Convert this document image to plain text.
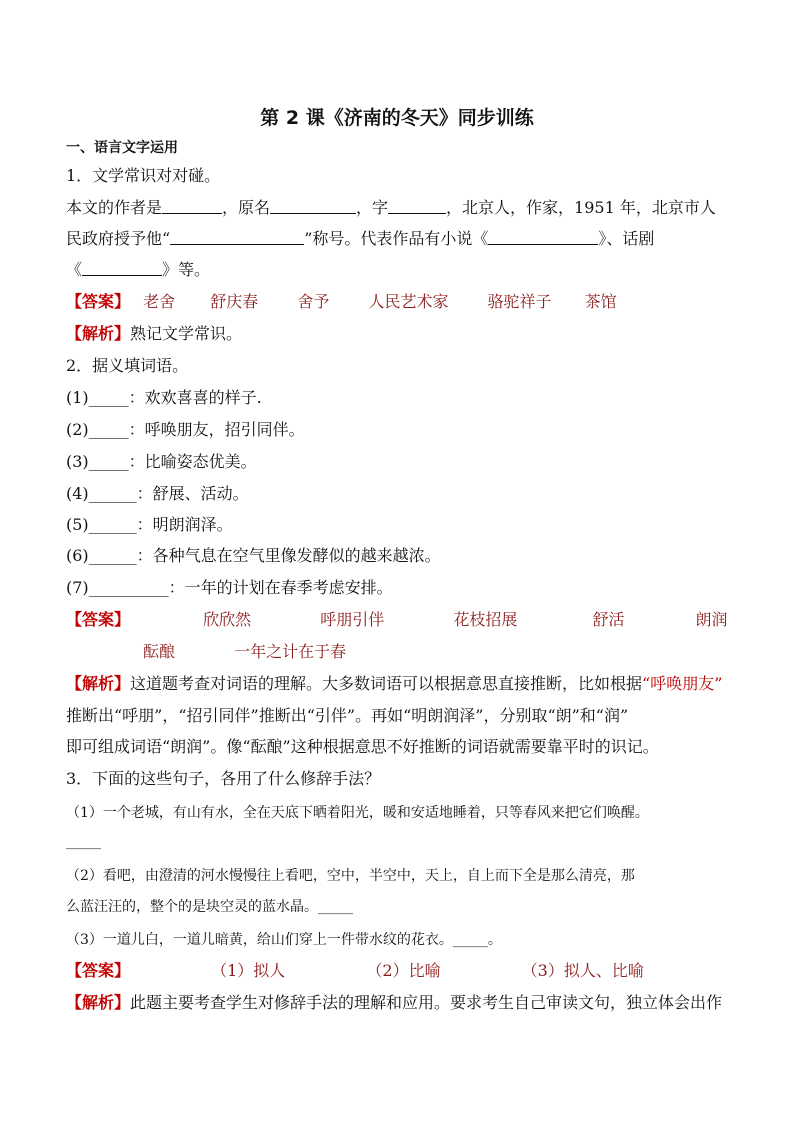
第 2 课《济南的冬天》同步训练
一、语言文字运用
1．文学常识对对碰。
本文的作者是	，原名	，字	，北京人，作家，1951 年，北京市人
民政府授予他“	”称号。代表作品有小说《	》、话剧
《	》等。
【答案】 老舍 舒庆春 舍予 人民艺术家 骆驼祥子 茶馆
【解析】熟记文学常识。
2．据义填词语。
(1)_____：欢欢喜喜的样子.
(2)_____：呼唤朋友，招引同伴。
(3)_____：比喻姿态优美。
(4)______：舒展、活动。
(5)______：明朗润泽。
(6)______：各种气息在空气里像发酵似的越来越浓。
(7)__________：一年的计划在春季考虑安排。
【答案】	欣欣然	呼朋引伴	花枝招展	舒活	朗润
酝酿	一年之计在于春
【解析】这道题考查对词语的理解。大多数词语可以根据意思直接推断，比如根据“呼唤朋友”
推断出“呼朋”，“招引同伴”推断出“引伴”。再如“明朗润泽”，分别取“朗”和“润”
即可组成词语“朗润”。像“酝酿”这种根据意思不好推断的词语就需要靠平时的识记。
3．下面的这些句子，各用了什么修辞手法？
（1）一个老城，有山有水，全在天底下晒着阳光，暖和安适地睡着，只等春风来把它们唤醒。
_____
（2）看吧，由澄清的河水慢慢往上看吧，空中，半空中，天上，自上而下全是那么清亮，那
么蓝汪汪的，整个的是块空灵的蓝水晶。_____
（3）一道儿白，一道儿暗黄，给山们穿上一件带水纹的花衣。_____。
【答案】	（1）拟人	（2）比喻	（3）拟人、比喻
【解析】此题主要考查学生对修辞手法的理解和应用。要求考生自己审读文句，独立体会出作
